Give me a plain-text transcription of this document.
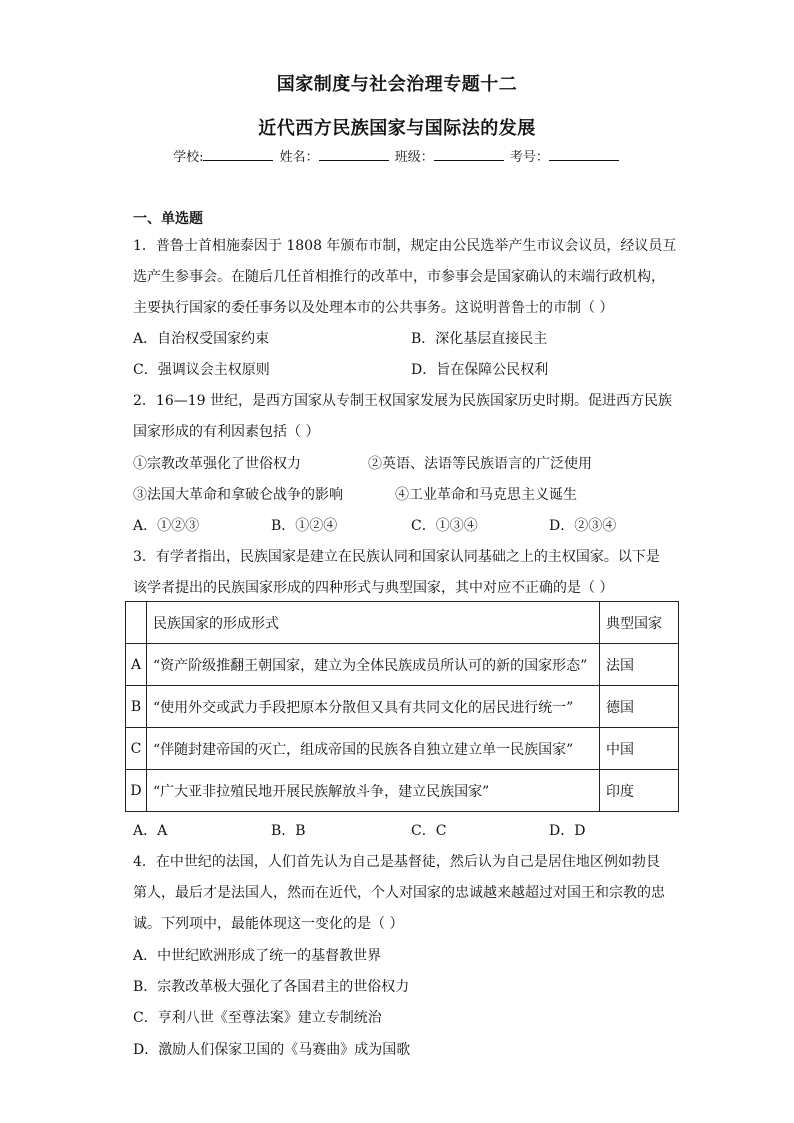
国家制度与社会治理专题十二
近代西方民族国家与国际法的发展
学校:	姓名：	班级：	考号：
一、单选题
1．普鲁士首相施泰因于 1808 年颁布市制，规定由公民选举产生市议会议员，经议员互
选产生参事会。在随后几任首相推行的改革中，市参事会是国家确认的末端行政机构，
主要执行国家的委任事务以及处理本市的公共事务。这说明普鲁士的市制（ ）
A．自治权受国家约束	B．深化基层直接民主
C．强调议会主权原则	D．旨在保障公民权利
2．16—19 世纪，是西方国家从专制王权国家发展为民族国家历史时期。促进西方民族
国家形成的有利因素包括（ ）
①宗教改革强化了世俗权力	②英语、法语等民族语言的广泛使用
③法国大革命和拿破仑战争的影响	④工业革命和马克思主义诞生
A．①②③	B．①②④	C．①③④	D．②③④
3．有学者指出，民族国家是建立在民族认同和国家认同基础之上的主权国家。以下是
该学者提出的民族国家形成的四种形式与典型国家，其中对应不正确的是（ ）
	民族国家的形成形式	典型国家
A	“资产阶级推翻王朝国家，建立为全体民族成员所认可的新的国家形态”	法国
B	“使用外交或武力手段把原本分散但又具有共同文化的居民进行统一”	德国
C	“伴随封建帝国的灭亡，组成帝国的民族各自独立建立单一民族国家”	中国
D	“广大亚非拉殖民地开展民族解放斗争，建立民族国家”	印度
A．A	B．B	C．C	D．D
4．在中世纪的法国，人们首先认为自己是基督徒，然后认为自己是居住地区例如勃艮
第人，最后才是法国人，然而在近代，个人对国家的忠诚越来越超过对国王和宗教的忠
诚。下列项中，最能体现这一变化的是（ ）
A．中世纪欧洲形成了统一的基督教世界
B．宗教改革极大强化了各国君主的世俗权力
C．亨利八世《至尊法案》建立专制统治
D．激励人们保家卫国的《马赛曲》成为国歌
